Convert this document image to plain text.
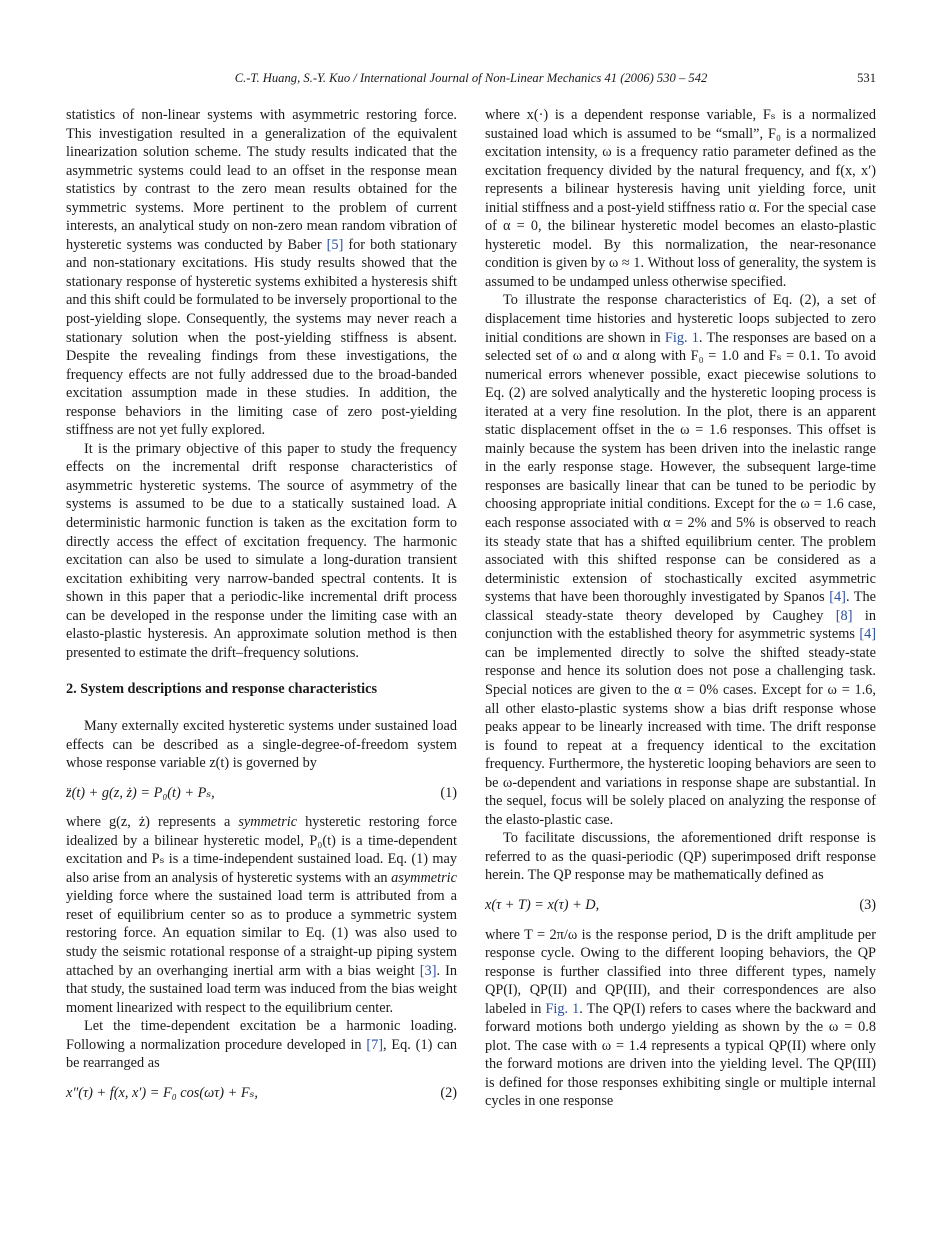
C.-T. Huang, S.-Y. Kuo / International Journal of Non-Linear Mechanics 41 (2006) 530 – 542	531

statistics of non-linear systems with asymmetric restoring force. This investigation resulted in a generalization of the equivalent linearization solution scheme. The study results indicated that the asymmetric systems could lead to an offset in the response mean statistics by contrast to the zero mean results obtained for the symmetric systems. More pertinent to the problem of current interests, an analytical study on non-zero mean random vibration of hysteretic systems was conducted by Baber [5] for both stationary and non-stationary excitations. His study results showed that the stationary response of hysteretic systems exhibited a hysteresis shift and this shift could be formulated to be inversely proportional to the post-yielding slope. Consequently, the systems may never reach a stationary solution when the post-yielding stiffness is absent. Despite the revealing findings from these investigations, the frequency effects are not fully addressed due to the broad-banded excitation assumption made in these studies. In addition, the response behaviors in the limiting case of zero post-yielding stiffness are not yet fully explored.

It is the primary objective of this paper to study the frequency effects on the incremental drift response characteristics of asymmetric hysteretic systems. The source of asymmetry of the systems is assumed to be due to a statically sustained load. A deterministic harmonic function is taken as the excitation form to directly access the effect of excitation frequency. The harmonic excitation can also be used to simulate a long-duration transient excitation exhibiting very narrow-banded spectral contents. It is shown in this paper that a periodic-like incremental drift process can be developed in the response under the limiting case with an elasto-plastic hysteresis. An approximate solution method is then presented to estimate the drift–frequency solutions.

2. System descriptions and response characteristics

Many externally excited hysteretic systems under sustained load effects can be described as a single-degree-of-freedom system whose response variable z(t) is governed by

z̈(t) + g(z, ż) = P₀(t) + Pₛ,	(1)

where g(z, ż) represents a symmetric hysteretic restoring force idealized by a bilinear hysteretic model, P₀(t) is a time-dependent excitation and Pₛ is a time-independent sustained load. Eq. (1) may also arise from an analysis of hysteretic systems with an asymmetric yielding force where the sustained load term is attributed from a reset of equilibrium center so as to produce a symmetric system restoring force. An equation similar to Eq. (1) was also used to study the seismic rotational response of a straight-up piping system attached by an overhanging inertial arm with a bias weight [3]. In that study, the sustained load term was induced from the bias weight moment linearized with respect to the equilibrium center.

Let the time-dependent excitation be a harmonic loading. Following a normalization procedure developed in [7], Eq. (1) can be rearranged as

x″(τ) + f(x, x′) = F₀ cos(ωτ) + Fₛ,	(2)

where x(·) is a dependent response variable, Fₛ is a normalized sustained load which is assumed to be “small”, F₀ is a normalized excitation intensity, ω is a frequency ratio parameter defined as the excitation frequency divided by the natural frequency, and f(x, x′) represents a bilinear hysteresis having unit yielding force, unit initial stiffness and a post-yield stiffness ratio α. For the special case of α = 0, the bilinear hysteretic model becomes an elasto-plastic hysteretic model. By this normalization, the near-resonance condition is given by ω ≈ 1. Without loss of generality, the system is assumed to be undamped unless otherwise specified.

To illustrate the response characteristics of Eq. (2), a set of displacement time histories and hysteretic loops subjected to zero initial conditions are shown in Fig. 1. The responses are based on a selected set of ω and α along with F₀ = 1.0 and Fₛ = 0.1. To avoid numerical errors whenever possible, exact piecewise solutions to Eq. (2) are solved analytically and the hysteretic looping process is iterated at a very fine resolution. In the plot, there is an apparent static displacement offset in the ω = 1.6 responses. This offset is mainly because the system has been driven into the inelastic range in the early response stage. However, the subsequent large-time responses are basically linear that can be tuned to be periodic by choosing appropriate initial conditions. Except for the ω = 1.6 case, each response associated with α = 2% and 5% is observed to reach its steady state that has a shifted equilibrium center. The problem associated with this shifted response can be considered as a deterministic extension of stochastically excited asymmetric systems that have been thoroughly investigated by Spanos [4]. The classical steady-state theory developed by Caughey [8] in conjunction with the established theory for asymmetric systems [4] can be implemented directly to solve the shifted steady-state response and hence its solution does not pose a challenging task. Special notices are given to the α = 0% cases. Except for ω = 1.6, all other elasto-plastic systems show a bias drift response whose peaks appear to be linearly increased with time. The drift response is found to repeat at a frequency identical to the excitation frequency. Furthermore, the hysteretic looping behaviors are seen to be ω-dependent and variations in response shape are substantial. In the sequel, focus will be solely placed on analyzing the response of the elasto-plastic case.

To facilitate discussions, the aforementioned drift response is referred to as the quasi-periodic (QP) superimposed drift response herein. The QP response may be mathematically defined as

x(τ + T) = x(τ) + D,	(3)

where T = 2π/ω is the response period, D is the drift amplitude per response cycle. Owing to the different looping behaviors, the QP response is further classified into three different types, namely QP(I), QP(II) and QP(III), and their correspondences are also labeled in Fig. 1. The QP(I) refers to cases where the backward and forward motions both undergo yielding as shown by the ω = 0.8 plot. The case with ω = 1.4 represents a typical QP(II) where only the forward motions are driven into the yielding level. The QP(III) is defined for those responses exhibiting single or multiple internal cycles in one response
